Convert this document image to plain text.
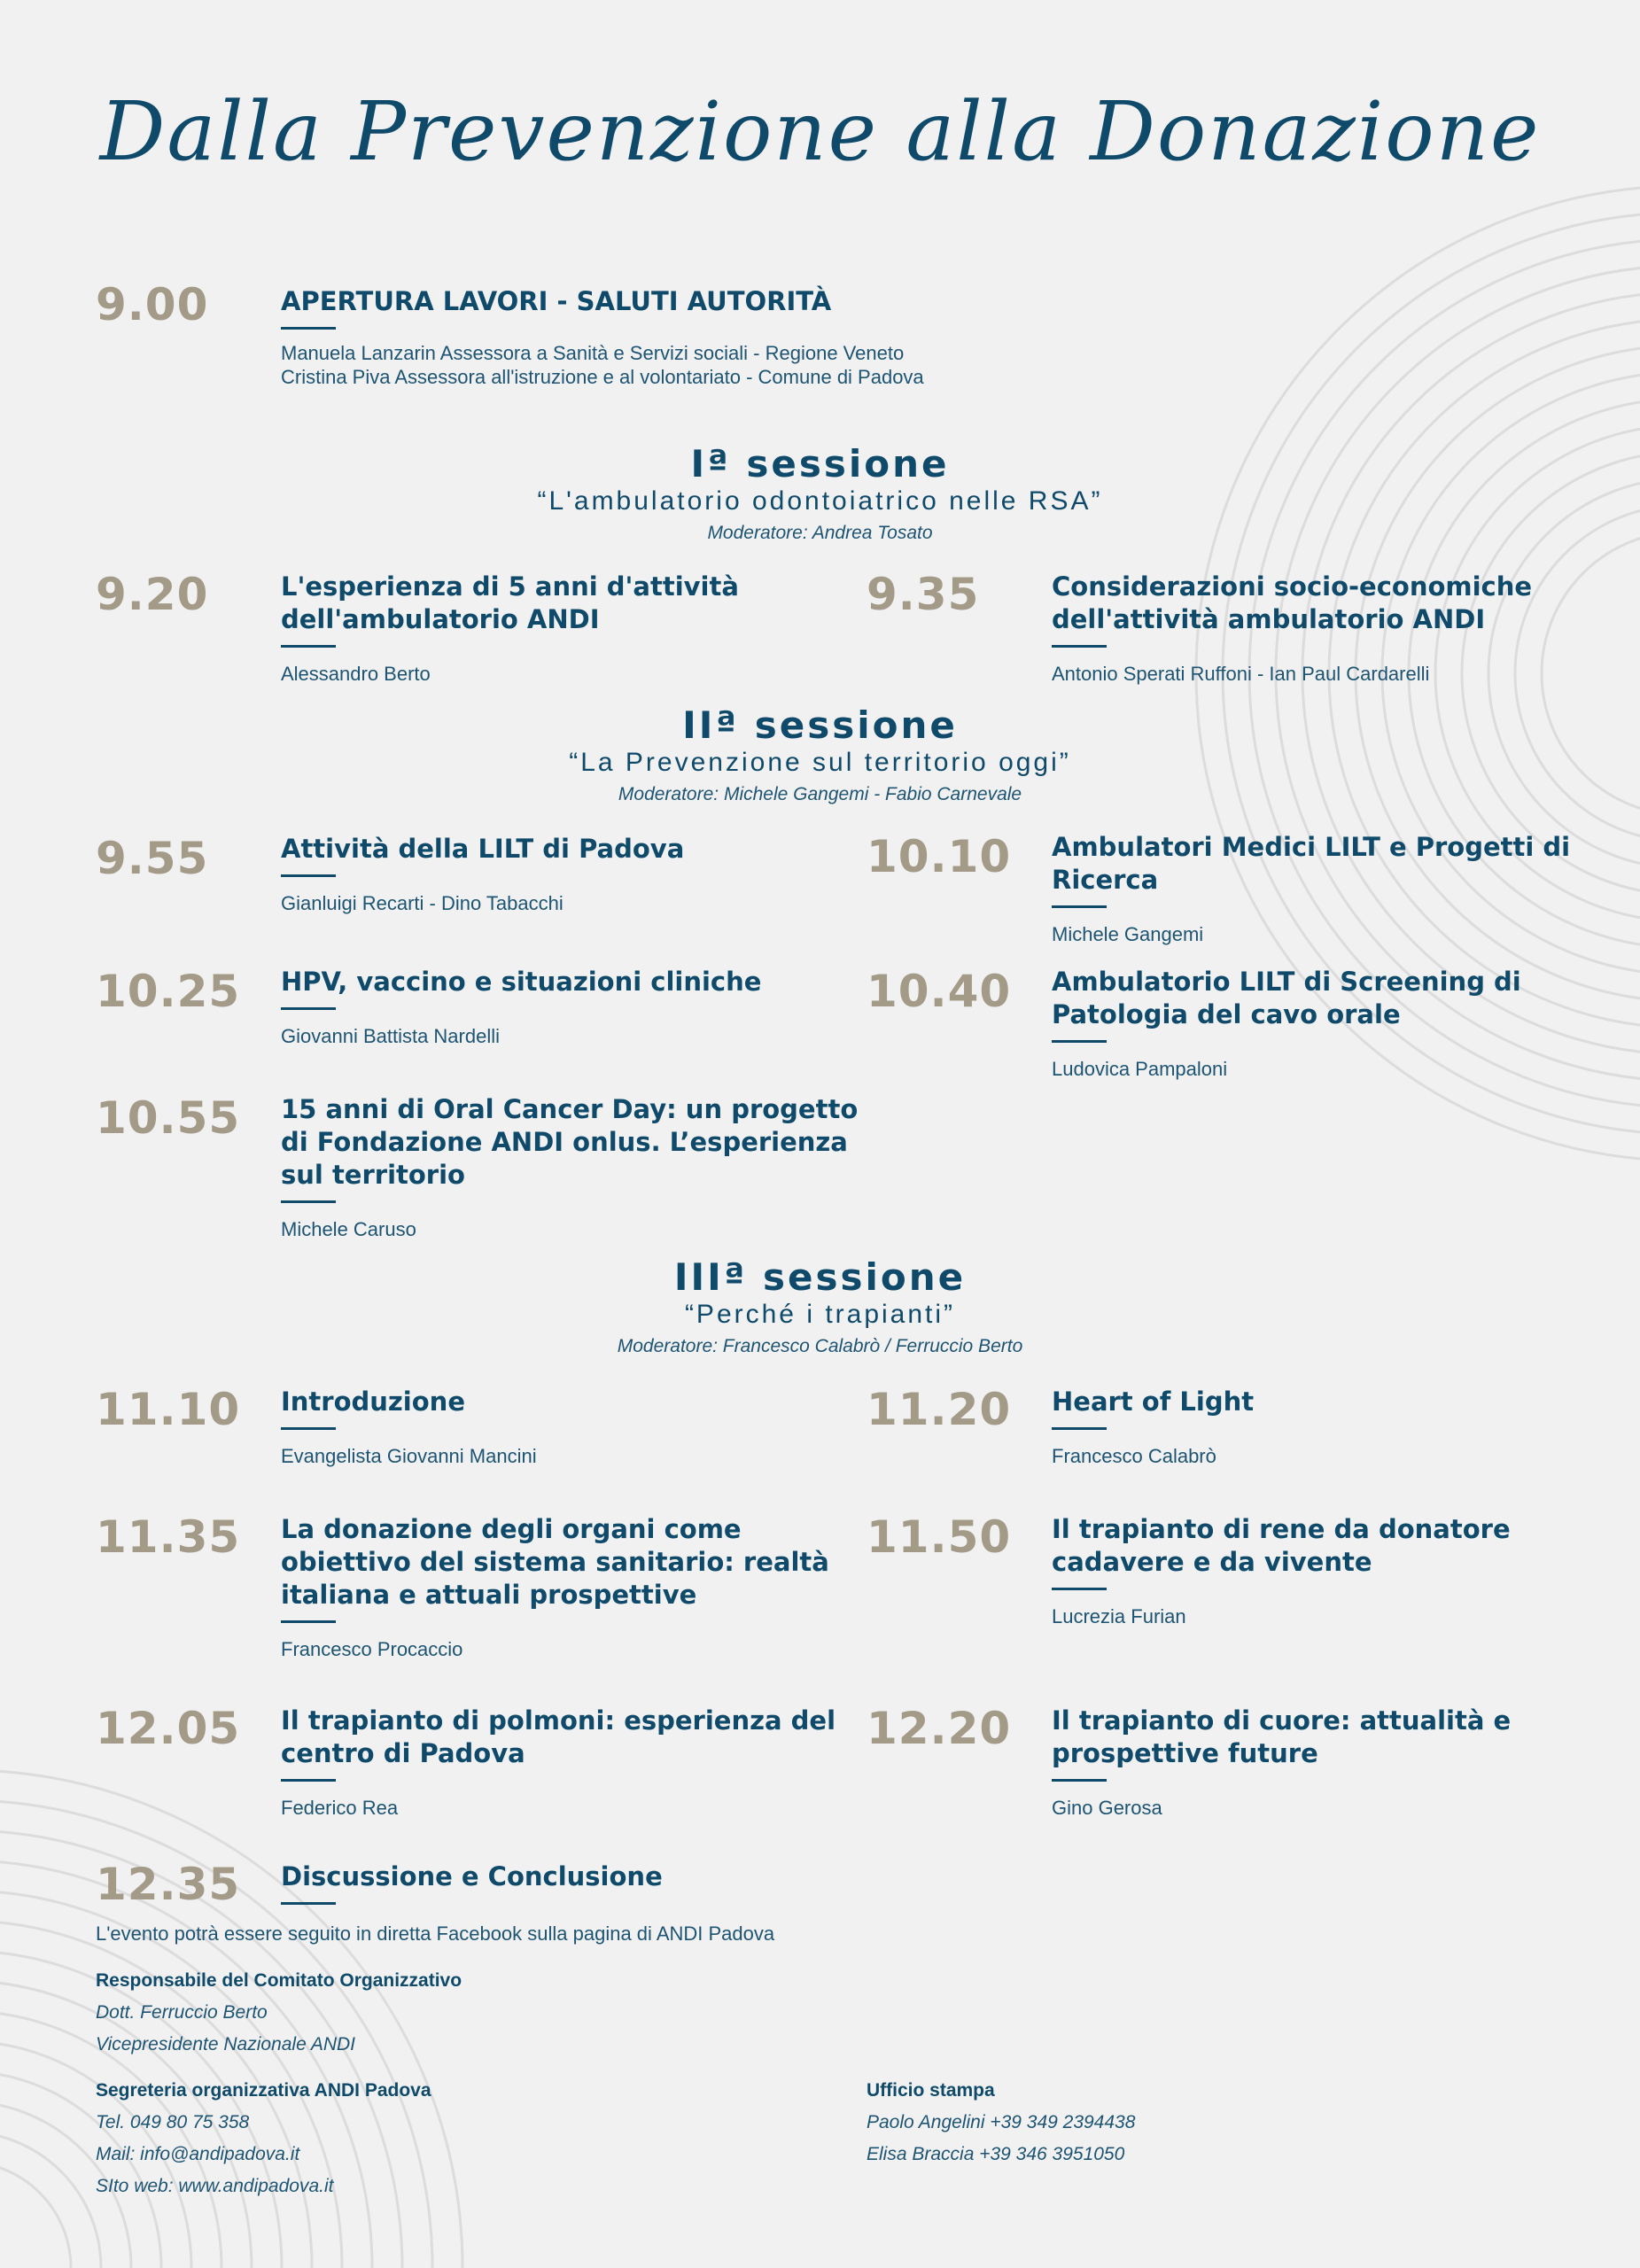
Dalla Prevenzione alla Donazione
9.00	APERTURA LAVORI - SALUTI AUTORITÀ
Manuela Lanzarin Assessora a Sanità e Servizi sociali - Regione Veneto
Cristina Piva Assessora all'istruzione e al volontariato - Comune di Padova
Iª sessione
“L'ambulatorio odontoiatrico nelle RSA”
Moderatore: Andrea Tosato
9.20	L'esperienza di 5 anni d'attività dell'ambulatorio ANDI
Alessandro Berto
9.35	Considerazioni socio-economiche dell'attività ambulatorio ANDI
Antonio Sperati Ruffoni - Ian Paul Cardarelli
IIª sessione
“La Prevenzione sul territorio oggi”
Moderatore: Michele Gangemi - Fabio Carnevale
9.55	Attività della LILT di Padova
Gianluigi Recarti - Dino Tabacchi
10.10 Ambulatori Medici LILT e Progetti di Ricerca
Michele Gangemi
10.25 HPV, vaccino e situazioni cliniche
Giovanni Battista Nardelli
10.40 Ambulatorio LILT di Screening di Patologia del cavo orale
Ludovica Pampaloni
10.55 15 anni di Oral Cancer Day: un progetto di Fondazione ANDI onlus. L’esperienza sul territorio
Michele Caruso
IIIª sessione
“Perché i trapianti”
Moderatore: Francesco Calabrò / Ferruccio Berto
11.10 Introduzione
Evangelista Giovanni Mancini
11.20 Heart of Light
Francesco Calabrò
11.35 La donazione degli organi come obiettivo del sistema sanitario: realtà italiana e attuali prospettive
Francesco Procaccio
11.50 Il trapianto di rene da donatore cadavere e da vivente
Lucrezia Furian
12.05 Il trapianto di polmoni: esperienza del centro di Padova
Federico Rea
12.20 Il trapianto di cuore: attualità e prospettive future
Gino Gerosa
12.35 Discussione e Conclusione
L'evento potrà essere seguito in diretta Facebook sulla pagina di ANDI Padova
Responsabile del Comitato Organizzativo
Dott. Ferruccio Berto
Vicepresidente Nazionale ANDI
Segreteria organizzativa ANDI Padova
Tel. 049 80 75 358
Mail: info@andipadova.it
SIto web: www.andipadova.it
Ufficio stampa
Paolo Angelini +39 349 2394438
Elisa Braccia +39 346 3951050
